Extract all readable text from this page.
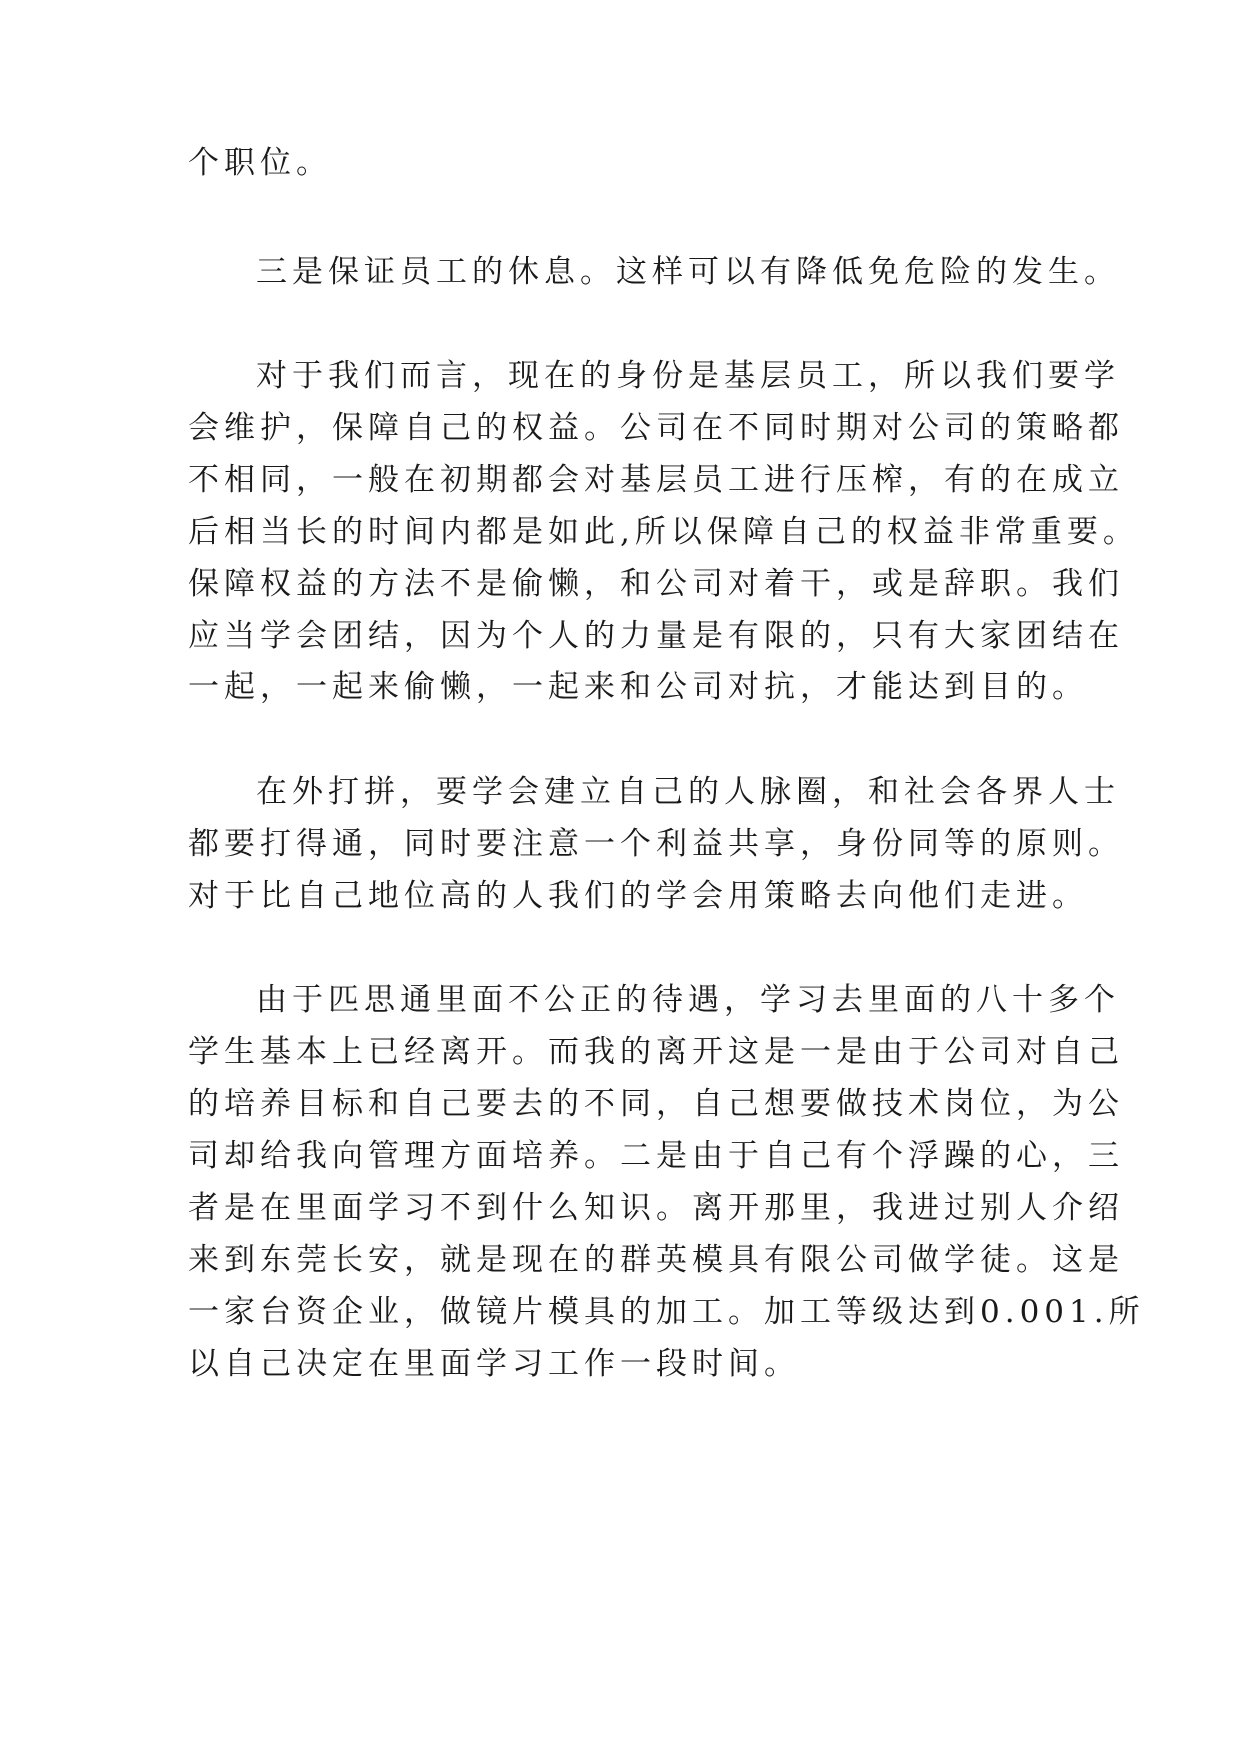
个职位。
三是保证员工的休息。这样可以有降低免危险的发生。
对于我们而言，现在的身份是基层员工，所以我们要学
会维护，保障自己的权益。公司在不同时期对公司的策略都
不相同，一般在初期都会对基层员工进行压榨，有的在成立
后相当长的时间内都是如此,所以保障自己的权益非常重要。
保障权益的方法不是偷懒，和公司对着干，或是辞职。我们
应当学会团结，因为个人的力量是有限的，只有大家团结在
一起，一起来偷懒，一起来和公司对抗，才能达到目的。
在外打拼，要学会建立自己的人脉圈，和社会各界人士
都要打得通，同时要注意一个利益共享，身份同等的原则。
对于比自己地位高的人我们的学会用策略去向他们走进。
由于匹思通里面不公正的待遇，学习去里面的八十多个
学生基本上已经离开。而我的离开这是一是由于公司对自己
的培养目标和自己要去的不同，自己想要做技术岗位，为公
司却给我向管理方面培养。二是由于自己有个浮躁的心，三
者是在里面学习不到什么知识。离开那里，我进过别人介绍
来到东莞长安，就是现在的群英模具有限公司做学徒。这是
一家台资企业，做镜片模具的加工。加工等级达到0.001.所
以自己决定在里面学习工作一段时间。
